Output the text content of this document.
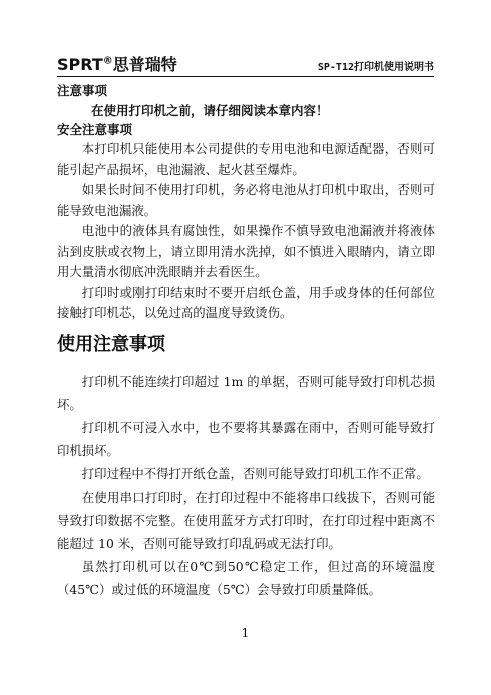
SPRT®思普瑞特	SP-T12打印机使用说明书

注意事项

在使用打印机之前，请仔细阅读本章内容！

安全注意事项

本打印机只能使用本公司提供的专用电池和电源适配器，否则可能引起产品损坏，电池漏液、起火甚至爆炸。

如果长时间不使用打印机，务必将电池从打印机中取出，否则可能导致电池漏液。

电池中的液体具有腐蚀性，如果操作不慎导致电池漏液并将液体沾到皮肤或衣物上，请立即用清水洗掉，如不慎进入眼睛内，请立即用大量清水彻底冲洗眼睛并去看医生。

打印时或刚打印结束时不要开启纸仓盖，用手或身体的任何部位接触打印机芯，以免过高的温度导致烫伤。

使用注意事项

打印机不能连续打印超过 1m 的单据，否则可能导致打印机芯损坏。

打印机不可浸入水中，也不要将其暴露在雨中，否则可能导致打印机损坏。

打印过程中不得打开纸仓盖，否则可能导致打印机工作不正常。

在使用串口打印时，在打印过程中不能将串口线拔下，否则可能导致打印数据不完整。在使用蓝牙方式打印时，在打印过程中距离不能超过 10 米，否则可能导致打印乱码或无法打印。

虽然打印机可以在0℃到50℃稳定工作，但过高的环境温度（45℃）或过低的环境温度（5℃）会导致打印质量降低。

1
